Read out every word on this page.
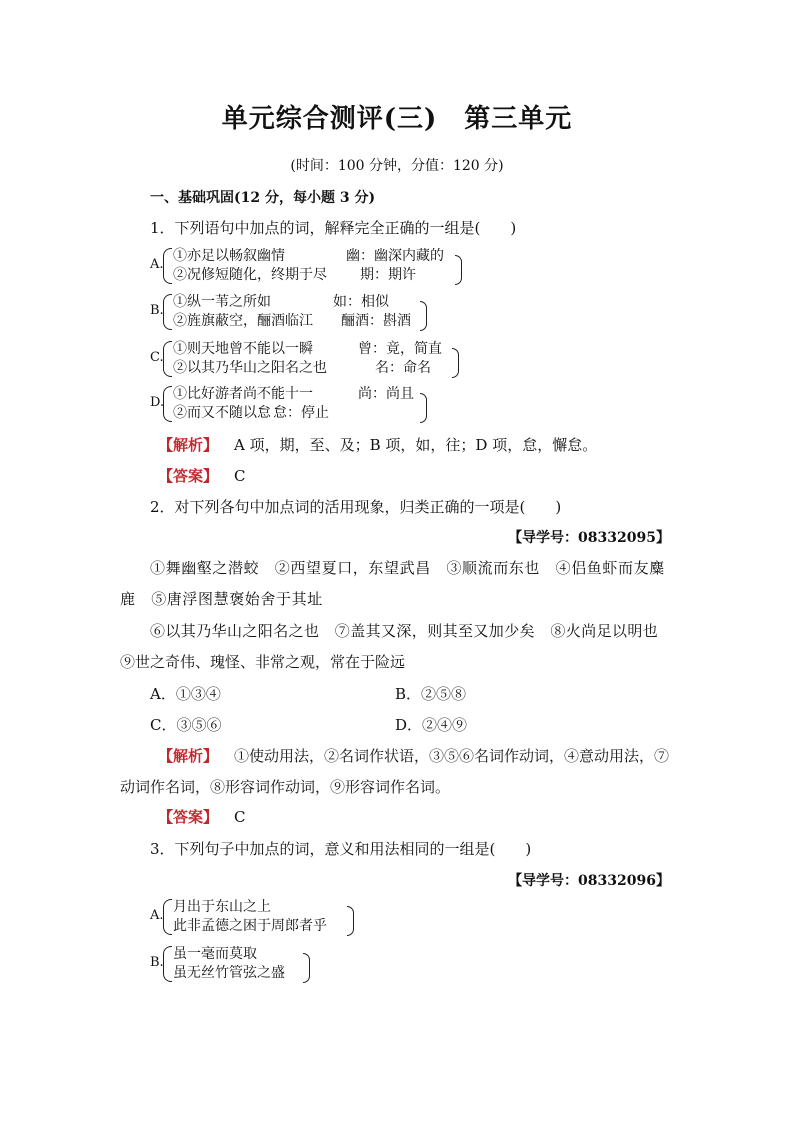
单元综合测评(三)　第三单元
(时间：100 分钟，分值：120 分)
一、基础巩固(12 分，每小题 3 分)
1．下列语句中加点的词，解释完全正确的一组是(　　)
A.
①亦足以畅叙幽情	幽：幽深内藏的
②况修短随化，终期于尽 期：期许
B.
①纵一苇之所如	如：相似
②旌旗蔽空，酾酒临江 酾酒：斟酒
C.
①则天地曾不能以一瞬	曾：竟，简直
②以其乃华山之阳名之也	名：命名
D.
①比好游者尚不能十一	尚：尚且
②而又不随以怠 怠：停止
【解析】 A 项，期，至、及；B 项，如，往；D 项，怠，懈怠。
【答案】 C
2．对下列各句中加点词的活用现象，归类正确的一项是(　　)
【导学号：08332095】
①舞幽壑之潜蛟　②西望夏口，东望武昌　③顺流而东也　④侣鱼虾而友麋
鹿　⑤唐浮图慧褒始舍于其址
⑥以其乃华山之阳名之也　⑦盖其又深，则其至又加少矣　⑧火尚足以明也
⑨世之奇伟、瑰怪、非常之观，常在于险远
A．①③④	B．②⑤⑧
C．③⑤⑥	D．②④⑨
【解析】 ①使动用法，②名词作状语，③⑤⑥名词作动词，④意动用法，⑦
动词作名词，⑧形容词作动词，⑨形容词作名词。
【答案】 C
3．下列句子中加点的词，意义和用法相同的一组是(　　)
【导学号：08332096】
A.
月出于东山之上
此非孟德之困于周郎者乎
B.
虽一毫而莫取
虽无丝竹管弦之盛
